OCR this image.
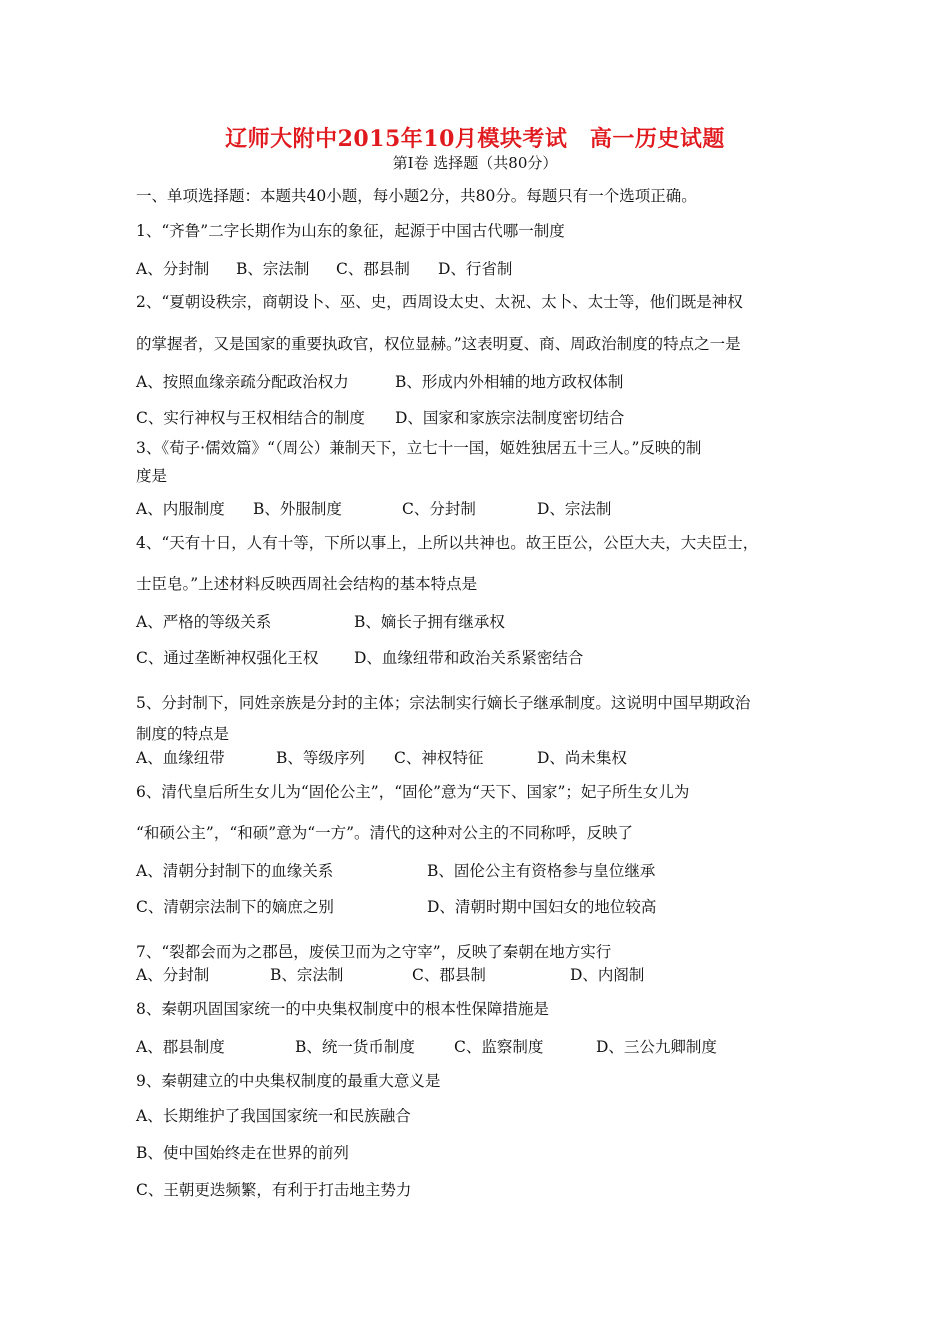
辽师大附中2015年10月模块考试　高一历史试题
第Ⅰ卷 选择题（共80分）
一、单项选择题：本题共40小题，每小题2分，共80分。每题只有一个选项正确。
1、“齐鲁”二字长期作为山东的象征，起源于中国古代哪一制度
A、分封制 B、宗法制 C、郡县制 D、行省制
2、“夏朝设秩宗，商朝设卜、巫、史，西周设太史、太祝、太卜、太士等，他们既是神权
的掌握者，又是国家的重要执政官，权位显赫。”这表明夏、商、周政治制度的特点之一是
A、按照血缘亲疏分配政治权力	B、形成内外相辅的地方政权体制
C、实行神权与王权相结合的制度 D、国家和家族宗法制度密切结合
3、《荀子·儒效篇》“（周公）兼制天下，立七十一国，姬姓独居五十三人。”反映的制
度是
A、内服制度 B、外服制度	C、分封制	D、宗法制
4、“天有十日，人有十等，下所以事上，上所以共神也。故王臣公，公臣大夫，大夫臣士，
士臣皂。”上述材料反映西周社会结构的基本特点是
A、严格的等级关系	B、嫡长子拥有继承权
C、通过垄断神权强化王权 D、血缘纽带和政治关系紧密结合
5、分封制下，同姓亲族是分封的主体；宗法制实行嫡长子继承制度。这说明中国早期政治
制度的特点是
A、血缘纽带	B、等级序列 C、神权特征	D、尚未集权
6、清代皇后所生女儿为“固伦公主”，“固伦”意为“天下、国家”；妃子所生女儿为
“和硕公主”，“和硕”意为“一方”。清代的这种对公主的不同称呼，反映了
A、清朝分封制下的血缘关系	B、固伦公主有资格参与皇位继承
C、清朝宗法制下的嫡庶之别	D、清朝时期中国妇女的地位较高
7、“裂都会而为之郡邑，废侯卫而为之守宰”，反映了秦朝在地方实行
A、分封制	B、宗法制	C、郡县制	D、内阁制
8、秦朝巩固国家统一的中央集权制度中的根本性保障措施是
A、郡县制度	B、统一货币制度	C、监察制度	D、三公九卿制度
9、秦朝建立的中央集权制度的最重大意义是
A、长期维护了我国国家统一和民族融合
B、使中国始终走在世界的前列
C、王朝更迭频繁，有利于打击地主势力
